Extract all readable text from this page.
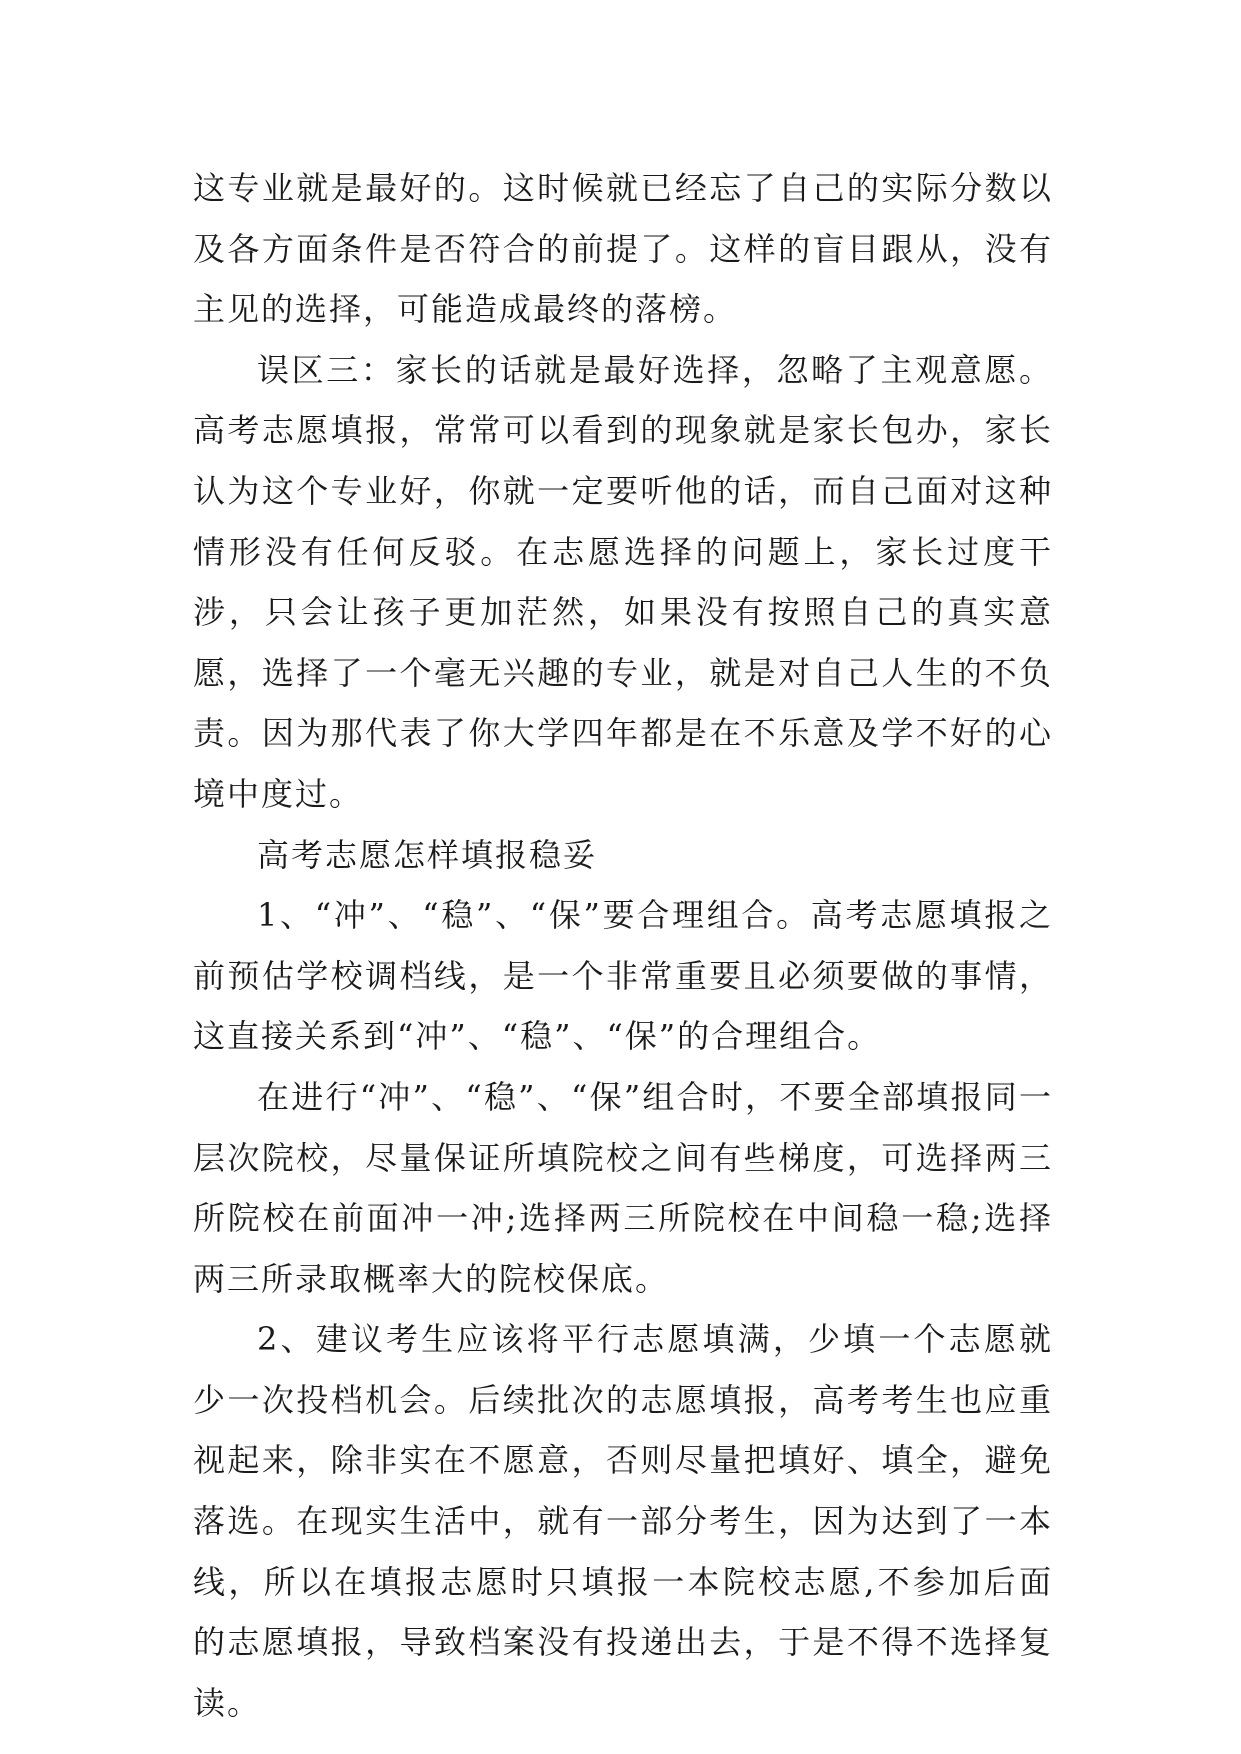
这专业就是最好的。这时候就已经忘了自己的实际分数以及各方面条件是否符合的前提了。这样的盲目跟从，没有主见的选择，可能造成最终的落榜。

误区三：家长的话就是最好选择，忽略了主观意愿。高考志愿填报，常常可以看到的现象就是家长包办，家长认为这个专业好，你就一定要听他的话，而自己面对这种情形没有任何反驳。在志愿选择的问题上，家长过度干涉，只会让孩子更加茫然，如果没有按照自己的真实意愿，选择了一个毫无兴趣的专业，就是对自己人生的不负责。因为那代表了你大学四年都是在不乐意及学不好的心境中度过。

高考志愿怎样填报稳妥

1、“冲”、“稳”、“保”要合理组合。高考志愿填报之前预估学校调档线，是一个非常重要且必须要做的事情，这直接关系到“冲”、“稳”、“保”的合理组合。

在进行“冲”、“稳”、“保”组合时，不要全部填报同一层次院校，尽量保证所填院校之间有些梯度，可选择两三所院校在前面冲一冲;选择两三所院校在中间稳一稳;选择两三所录取概率大的院校保底。

2、建议考生应该将平行志愿填满，少填一个志愿就少一次投档机会。后续批次的志愿填报，高考考生也应重视起来，除非实在不愿意，否则尽量把填好、填全，避免落选。在现实生活中，就有一部分考生，因为达到了一本线，所以在填报志愿时只填报一本院校志愿,不参加后面的志愿填报，导致档案没有投递出去，于是不得不选择复读。
